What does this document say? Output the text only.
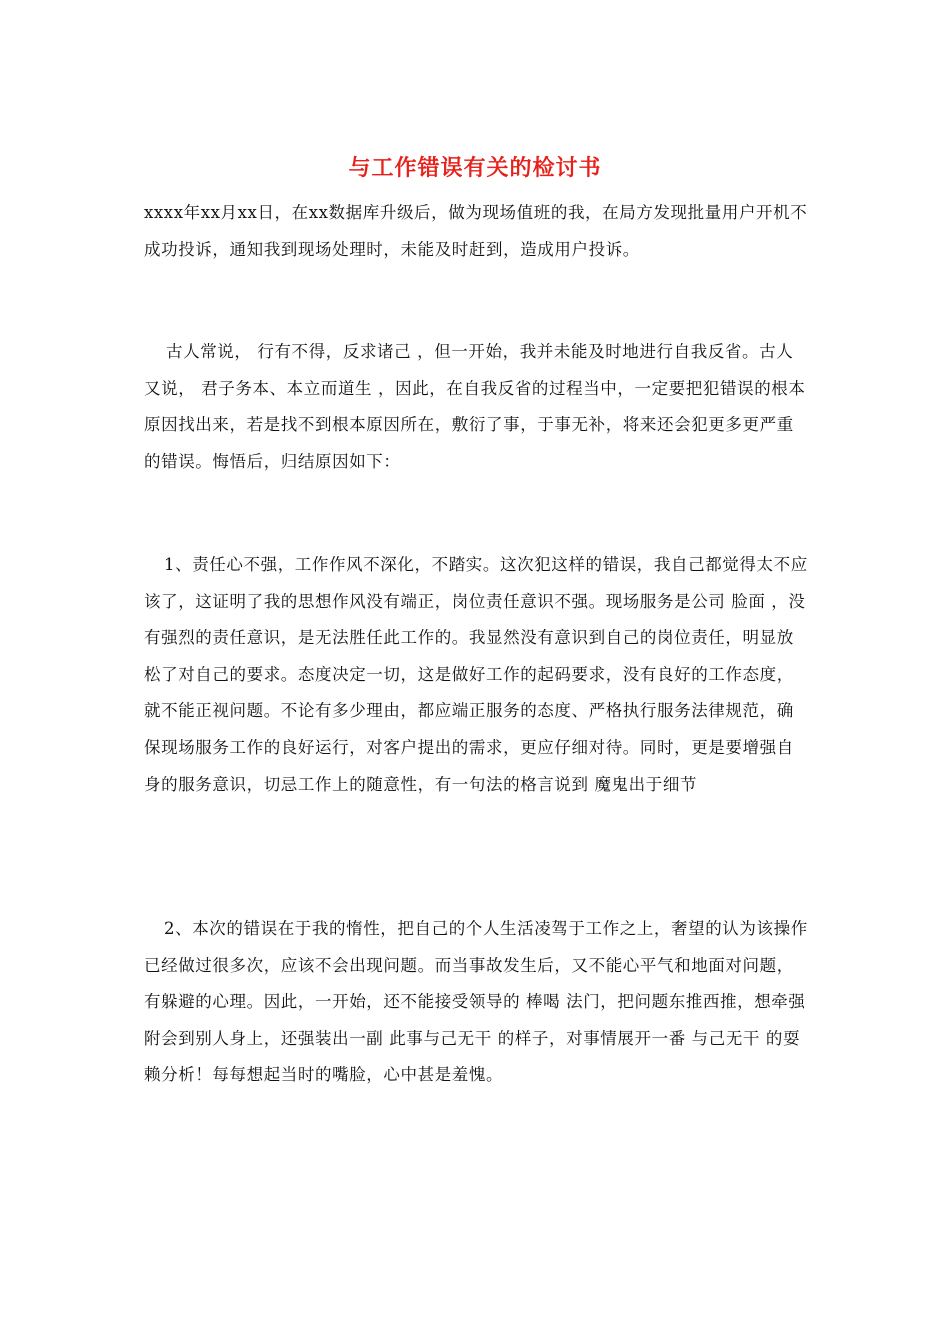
与工作错误有关的检讨书
xxxx年xx月xx日，在xx数据库升级后，做为现场值班的我，在局方发现批量用户开机不成功投诉，通知我到现场处理时，未能及时赶到，造成用户投诉。
古人常说， 行有不得，反求诸己 ，但一开始，我并未能及时地进行自我反省。古人又说， 君子务本、本立而道生 ，因此，在自我反省的过程当中，一定要把犯错误的根本原因找出来，若是找不到根本原因所在，敷衍了事，于事无补，将来还会犯更多更严重的错误。悔悟后，归结原因如下：
1、责任心不强，工作作风不深化，不踏实。这次犯这样的错误，我自己都觉得太不应该了，这证明了我的思想作风没有端正，岗位责任意识不强。现场服务是公司 脸面 ，没有强烈的责任意识，是无法胜任此工作的。我显然没有意识到自己的岗位责任，明显放松了对自己的要求。态度决定一切，这是做好工作的起码要求，没有良好的工作态度，就不能正视问题。不论有多少理由，都应端正服务的态度、严格执行服务法律规范，确保现场服务工作的良好运行，对客户提出的需求，更应仔细对待。同时，更是要增强自身的服务意识，切忌工作上的随意性，有一句法的格言说到 魔鬼出于细节
2、本次的错误在于我的惰性，把自己的个人生活凌驾于工作之上，奢望的认为该操作已经做过很多次，应该不会出现问题。而当事故发生后，又不能心平气和地面对问题，有躲避的心理。因此，一开始，还不能接受领导的 棒喝 法门，把问题东推西推，想牵强附会到别人身上，还强装出一副 此事与己无干 的样子，对事情展开一番 与己无干 的耍赖分析！每每想起当时的嘴脸，心中甚是羞愧。
